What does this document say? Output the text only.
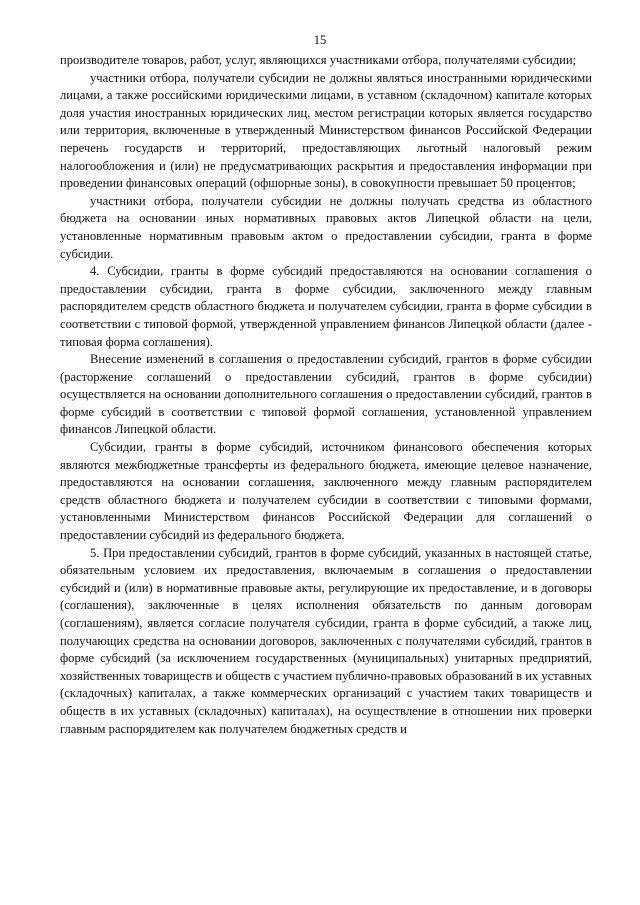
15

производителе товаров, работ, услуг, являющихся участниками отбора, получателями субсидии;

участники отбора, получатели субсидии не должны являться иностранными юридическими лицами, а также российскими юридическими лицами, в уставном (складочном) капитале которых доля участия иностранных юридических лиц, местом регистрации которых является государство или территория, включенные в утвержденный Министерством финансов Российской Федерации перечень государств и территорий, предоставляющих льготный налоговый режим налогообложения и (или) не предусматривающих раскрытия и предоставления информации при проведении финансовых операций (офшорные зоны), в совокупности превышает 50 процентов;

участники отбора, получатели субсидии не должны получать средства из областного бюджета на основании иных нормативных правовых актов Липецкой области на цели, установленные нормативным правовым актом о предоставлении субсидии, гранта в форме субсидии.

4. Субсидии, гранты в форме субсидий предоставляются на основании соглашения о предоставлении субсидии, гранта в форме субсидии, заключенного между главным распорядителем средств областного бюджета и получателем субсидии, гранта в форме субсидии в соответствии с типовой формой, утвержденной управлением финансов Липецкой области (далее - типовая форма соглашения).

Внесение изменений в соглашения о предоставлении субсидий, грантов в форме субсидии (расторжение соглашений о предоставлении субсидий, грантов в форме субсидии) осуществляется на основании дополнительного соглашения о предоставлении субсидий, грантов в форме субсидий в соответствии с типовой формой соглашения, установленной управлением финансов Липецкой области.

Субсидии, гранты в форме субсидий, источником финансового обеспечения которых являются межбюджетные трансферты из федерального бюджета, имеющие целевое назначение, предоставляются на основании соглашения, заключенного между главным распорядителем средств областного бюджета и получателем субсидии в соответствии с типовыми формами, установленными Министерством финансов Российской Федерации для соглашений о предоставлении субсидий из федерального бюджета.

5. При предоставлении субсидий, грантов в форме субсидий, указанных в настоящей статье, обязательным условием их предоставления, включаемым в соглашения о предоставлении субсидий и (или) в нормативные правовые акты, регулирующие их предоставление, и в договоры (соглашения), заключенные в целях исполнения обязательств по данным договорам (соглашениям), является согласие получателя субсидии, гранта в форме субсидий, а также лиц, получающих средства на основании договоров, заключенных с получателями субсидий, грантов в форме субсидий (за исключением государственных (муниципальных) унитарных предприятий, хозяйственных товариществ и обществ с участием публично-правовых образований в их уставных (складочных) капиталах, а также коммерческих организаций с участием таких товариществ и обществ в их уставных (складочных) капиталах), на осуществление в отношении них проверки главным распорядителем как получателем бюджетных средств и
